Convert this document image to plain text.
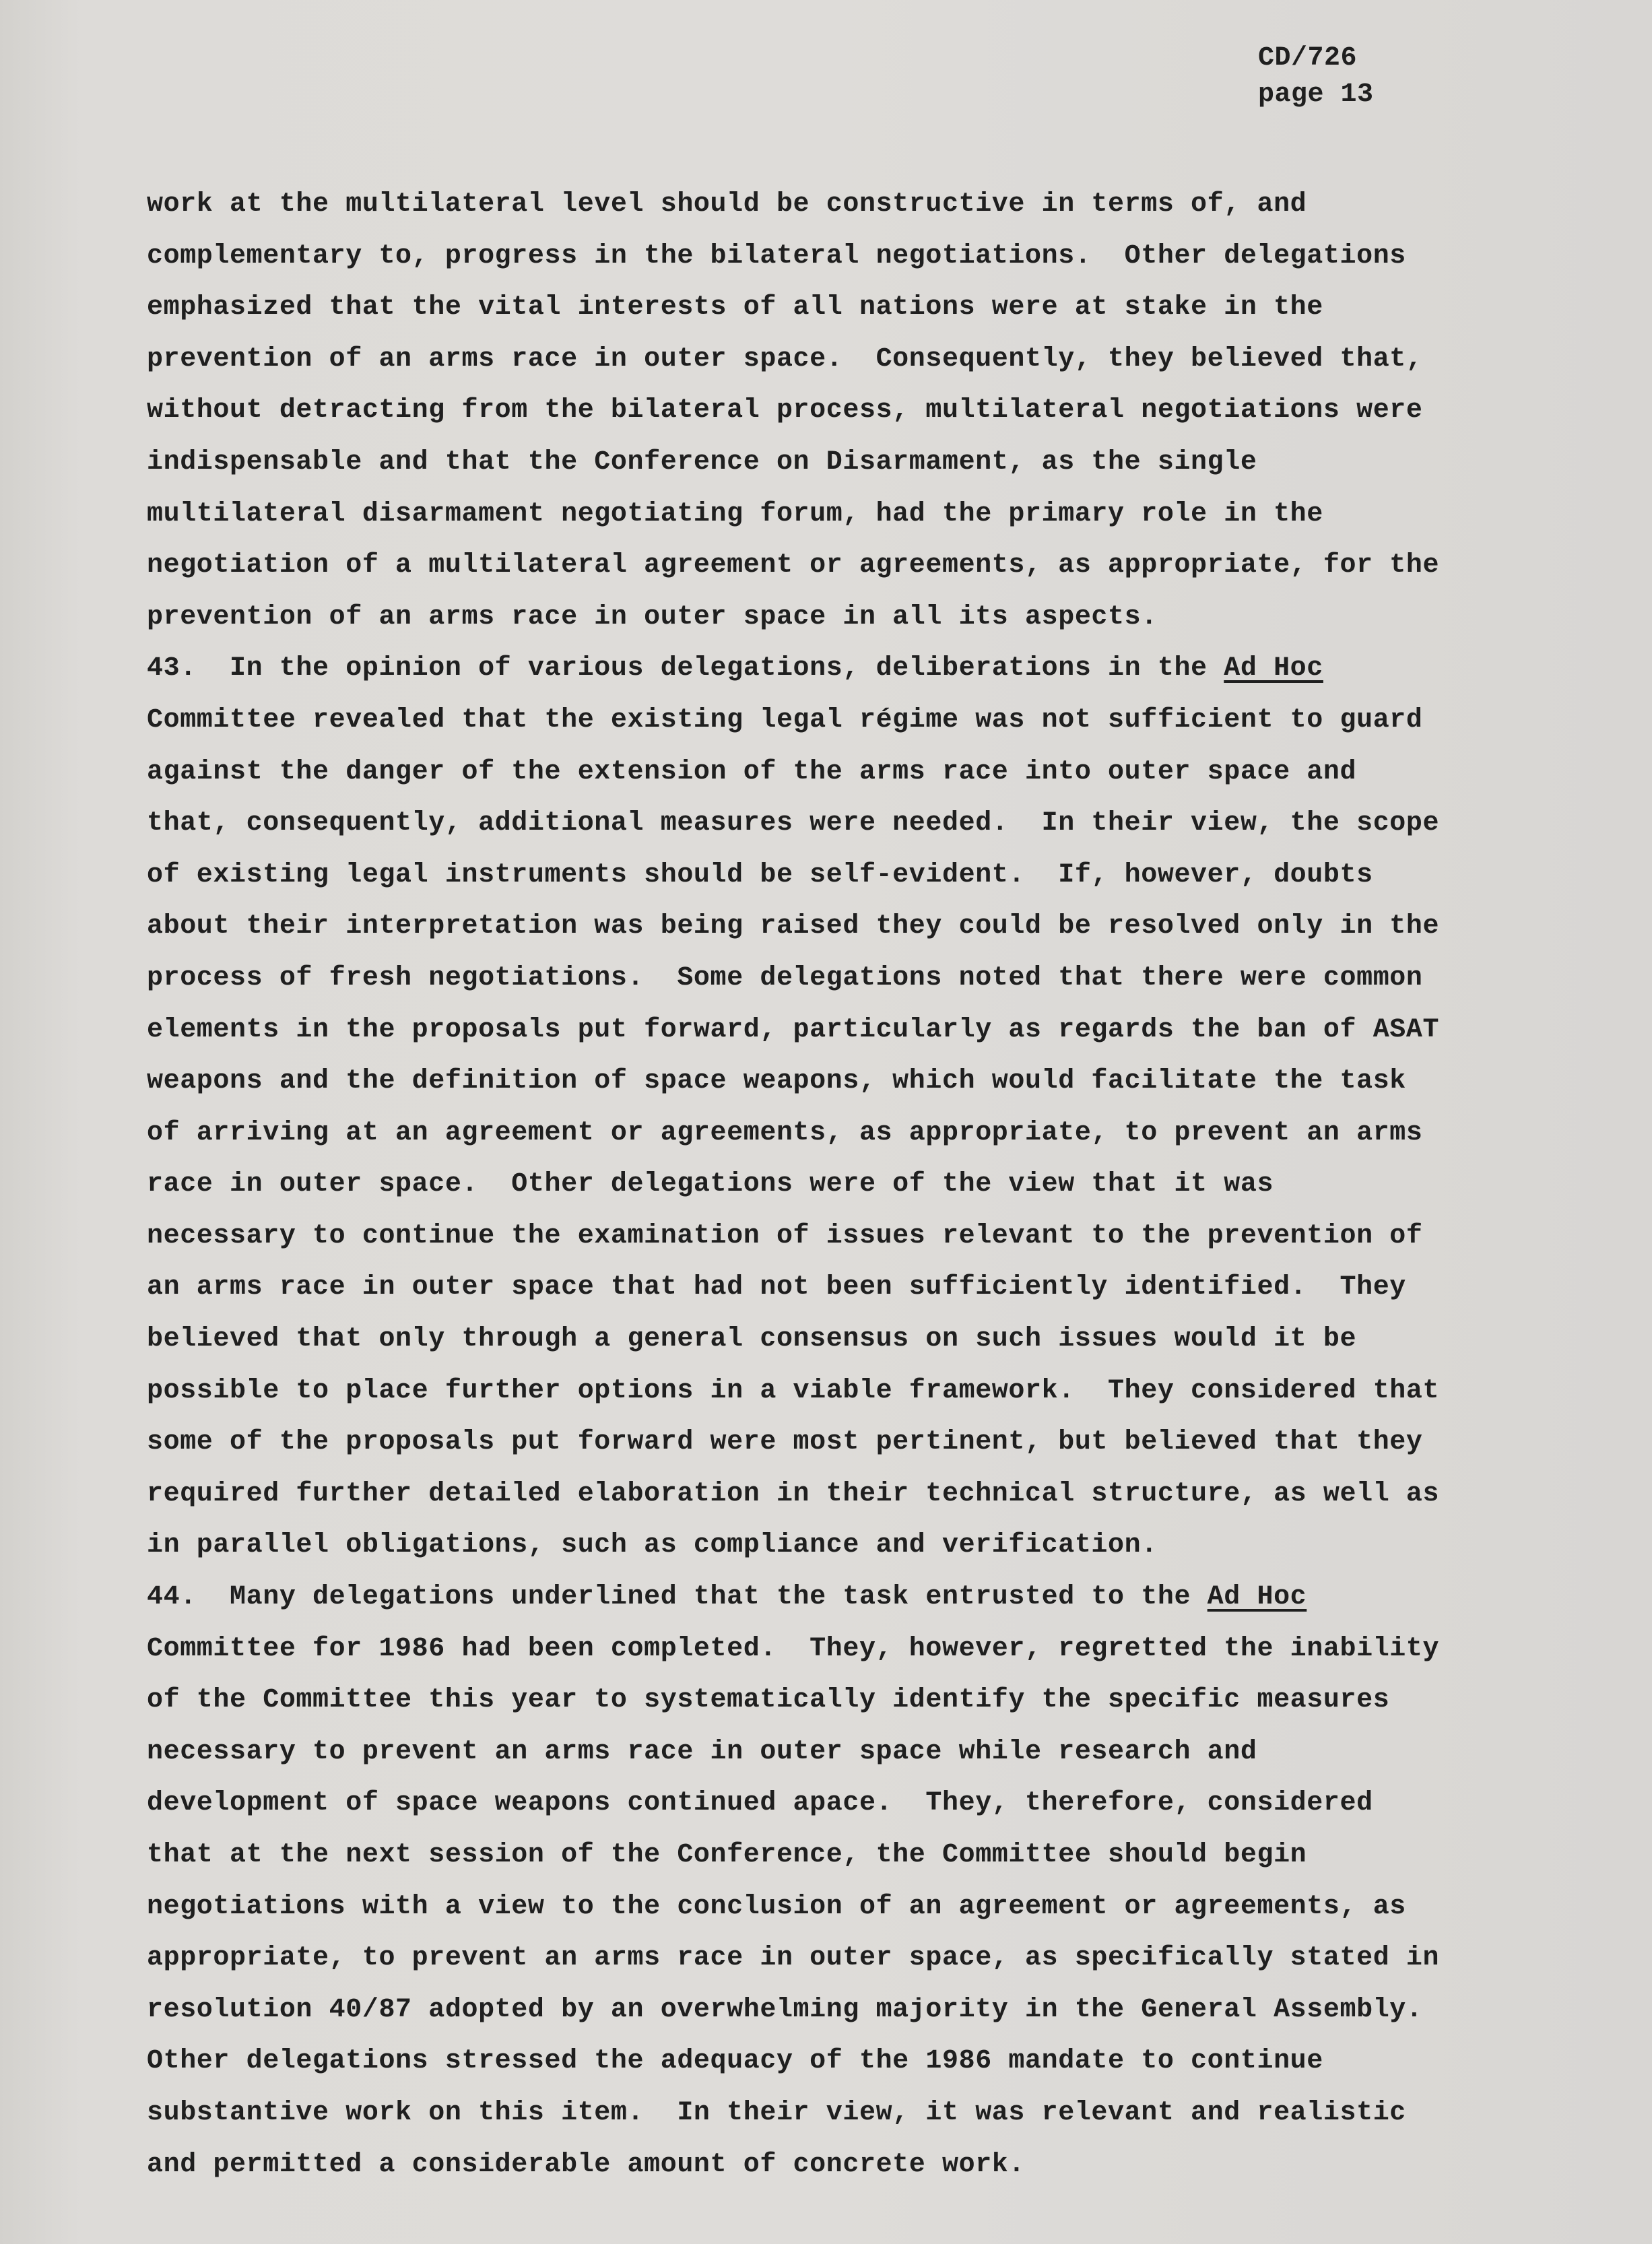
CD/726
page 13
work at the multilateral level should be constructive in terms of, and
complementary to, progress in the bilateral negotiations.  Other delegations
emphasized that the vital interests of all nations were at stake in the
prevention of an arms race in outer space.  Consequently, they believed that,
without detracting from the bilateral process, multilateral negotiations were
indispensable and that the Conference on Disarmament, as the single
multilateral disarmament negotiating forum, had the primary role in the
negotiation of a multilateral agreement or agreements, as appropriate, for the
prevention of an arms race in outer space in all its aspects.
43.  In the opinion of various delegations, deliberations in the Ad Hoc
Committee revealed that the existing legal régime was not sufficient to guard
against the danger of the extension of the arms race into outer space and
that, consequently, additional measures were needed.  In their view, the scope
of existing legal instruments should be self-evident.  If, however, doubts
about their interpretation was being raised they could be resolved only in the
process of fresh negotiations.  Some delegations noted that there were common
elements in the proposals put forward, particularly as regards the ban of ASAT
weapons and the definition of space weapons, which would facilitate the task
of arriving at an agreement or agreements, as appropriate, to prevent an arms
race in outer space.  Other delegations were of the view that it was
necessary to continue the examination of issues relevant to the prevention of
an arms race in outer space that had not been sufficiently identified.  They
believed that only through a general consensus on such issues would it be
possible to place further options in a viable framework.  They considered that
some of the proposals put forward were most pertinent, but believed that they
required further detailed elaboration in their technical structure, as well as
in parallel obligations, such as compliance and verification.
44.  Many delegations underlined that the task entrusted to the Ad Hoc
Committee for 1986 had been completed.  They, however, regretted the inability
of the Committee this year to systematically identify the specific measures
necessary to prevent an arms race in outer space while research and
development of space weapons continued apace.  They, therefore, considered
that at the next session of the Conference, the Committee should begin
negotiations with a view to the conclusion of an agreement or agreements, as
appropriate, to prevent an arms race in outer space, as specifically stated in
resolution 40/87 adopted by an overwhelming majority in the General Assembly.
Other delegations stressed the adequacy of the 1986 mandate to continue
substantive work on this item.  In their view, it was relevant and realistic
and permitted a considerable amount of concrete work.
